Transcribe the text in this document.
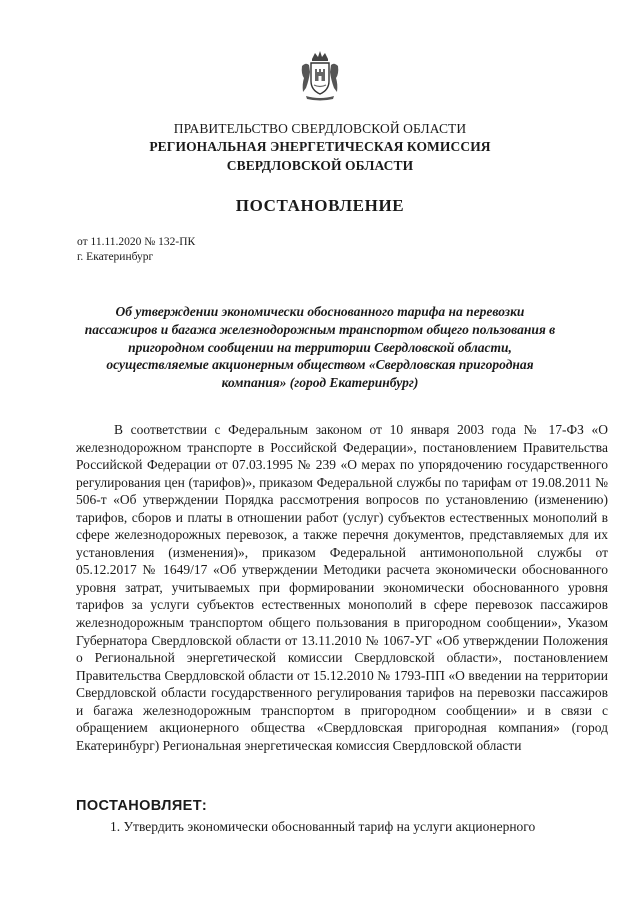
ПРАВИТЕЛЬСТВО СВЕРДЛОВСКОЙ ОБЛАСТИ
РЕГИОНАЛЬНАЯ ЭНЕРГЕТИЧЕСКАЯ КОМИССИЯ
СВЕРДЛОВСКОЙ ОБЛАСТИ
ПОСТАНОВЛЕНИЕ
от 11.11.2020 № 132-ПК
г. Екатеринбург
Об утверждении экономически обоснованного тарифа на перевозки пассажиров и багажа железнодорожным транспортом общего пользования в пригородном сообщении на территории Свердловской области, осуществляемые акционерным обществом «Свердловская пригородная компания» (город Екатеринбург)

В соответствии с Федеральным законом от 10 января 2003 года № 17-ФЗ «О железнодорожном транспорте в Российской Федерации», постановлением Правительства Российской Федерации от 07.03.1995 № 239 «О мерах по упорядочению государственного регулирования цен (тарифов)», приказом Федеральной службы по тарифам от 19.08.2011 № 506-т «Об утверждении Порядка рассмотрения вопросов по установлению (изменению) тарифов, сборов и платы в отношении работ (услуг) субъектов естественных монополий в сфере железнодорожных перевозок, а также перечня документов, представляемых для их установления (изменения)», приказом Федеральной антимонопольной службы от 05.12.2017 № 1649/17 «Об утверждении Методики расчета экономически обоснованного уровня затрат, учитываемых при формировании экономически обоснованного уровня тарифов за услуги субъектов естественных монополий в сфере перевозок пассажиров железнодорожным транспортом общего пользования в пригородном сообщении», Указом Губернатора Свердловской области от 13.11.2010 № 1067-УГ «Об утверждении Положения о Региональной энергетической комиссии Свердловской области», постановлением Правительства Свердловской области от 15.12.2010 № 1793-ПП «О введении на территории Свердловской области государственного регулирования тарифов на перевозки пассажиров и багажа железнодорожным транспортом в пригородном сообщении» и в связи с обращением акционерного общества «Свердловская пригородная компания» (город Екатеринбург) Региональная энергетическая комиссия Свердловской области

ПОСТАНОВЛЯЕТ:

1. Утвердить экономически обоснованный тариф на услуги акционерного
